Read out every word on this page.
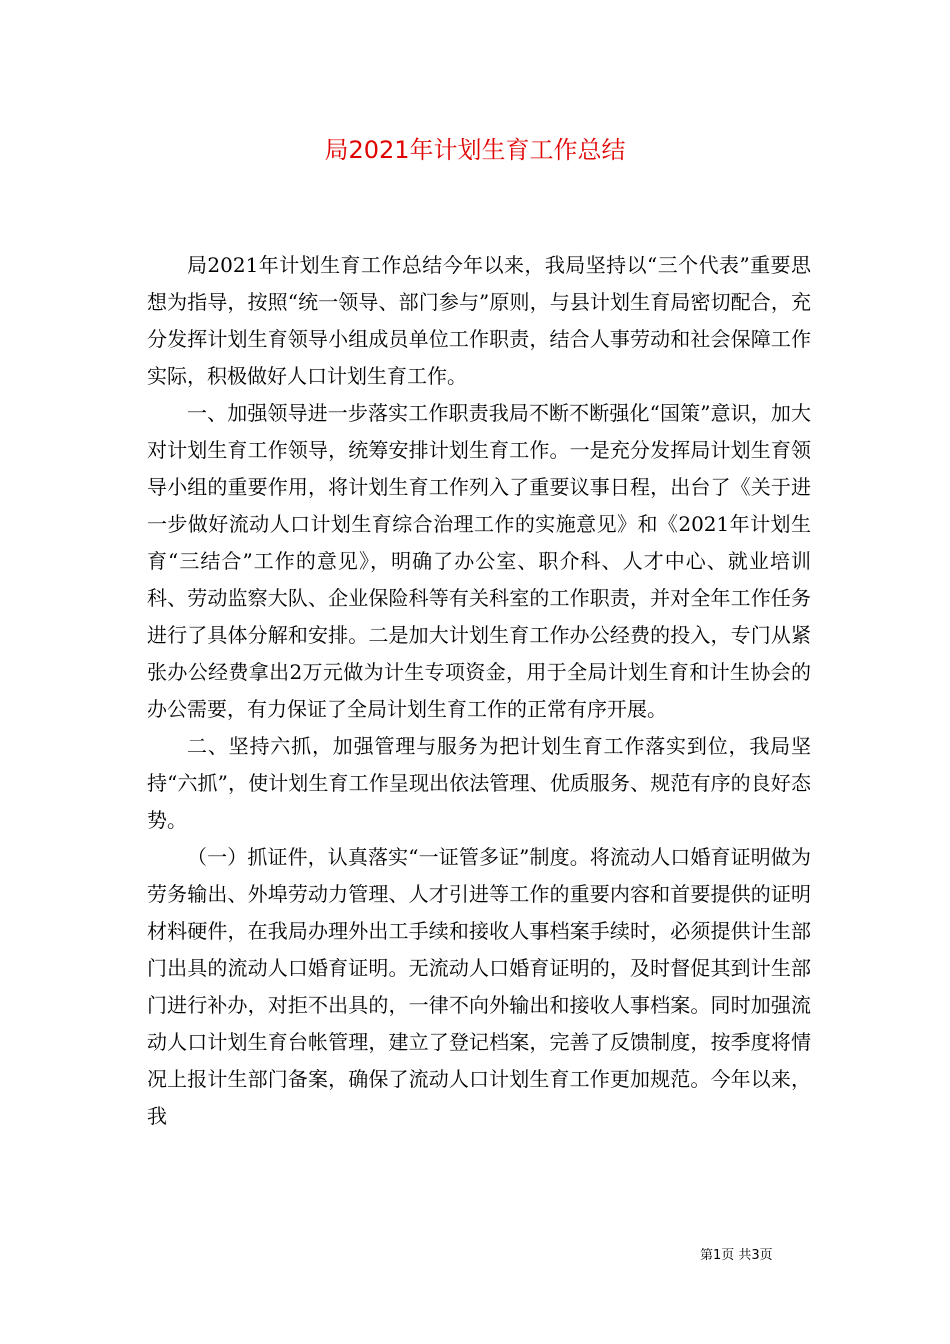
局2021年计划生育工作总结

局2021年计划生育工作总结今年以来，我局坚持以“三个代表”重要思想为指导，按照“统一领导、部门参与”原则，与县计划生育局密切配合，充分发挥计划生育领导小组成员单位工作职责，结合人事劳动和社会保障工作实际，积极做好人口计划生育工作。

一、加强领导进一步落实工作职责我局不断不断强化“国策”意识，加大对计划生育工作领导，统筹安排计划生育工作。一是充分发挥局计划生育领导小组的重要作用，将计划生育工作列入了重要议事日程，出台了《关于进一步做好流动人口计划生育综合治理工作的实施意见》和《2021年计划生育“三结合”工作的意见》，明确了办公室、职介科、人才中心、就业培训科、劳动监察大队、企业保险科等有关科室的工作职责，并对全年工作任务进行了具体分解和安排。二是加大计划生育工作办公经费的投入，专门从紧张办公经费拿出2万元做为计生专项资金，用于全局计划生育和计生协会的办公需要，有力保证了全局计划生育工作的正常有序开展。

二、坚持六抓，加强管理与服务为把计划生育工作落实到位，我局坚持“六抓”，使计划生育工作呈现出依法管理、优质服务、规范有序的良好态势。

（一）抓证件，认真落实“一证管多证”制度。将流动人口婚育证明做为劳务输出、外埠劳动力管理、人才引进等工作的重要内容和首要提供的证明材料硬件，在我局办理外出工手续和接收人事档案手续时，必须提供计生部门出具的流动人口婚育证明。无流动人口婚育证明的，及时督促其到计生部门进行补办，对拒不出具的，一律不向外输出和接收人事档案。同时加强流动人口计划生育台帐管理，建立了登记档案，完善了反馈制度，按季度将情况上报计生部门备案，确保了流动人口计划生育工作更加规范。今年以来，我

第1页 共3页
